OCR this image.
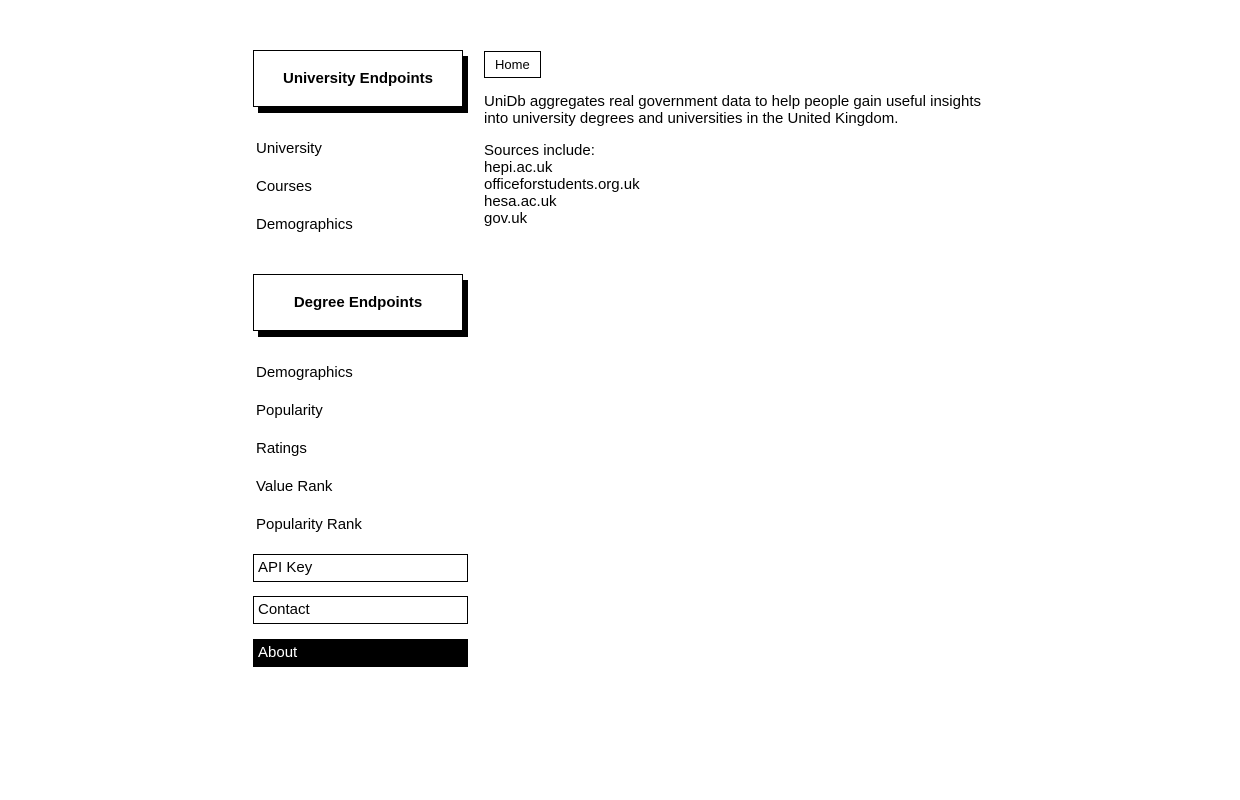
University Endpoints
University
Courses
Demographics
Degree Endpoints
Demographics
Popularity
Ratings
Value Rank
Popularity Rank
API Key
Contact
About
Home

UniDb aggregates real government data to help people gain useful insights into university degrees and universities in the United Kingdom.

Sources include:
hepi.ac.uk
officeforstudents.org.uk
hesa.ac.uk
gov.uk
